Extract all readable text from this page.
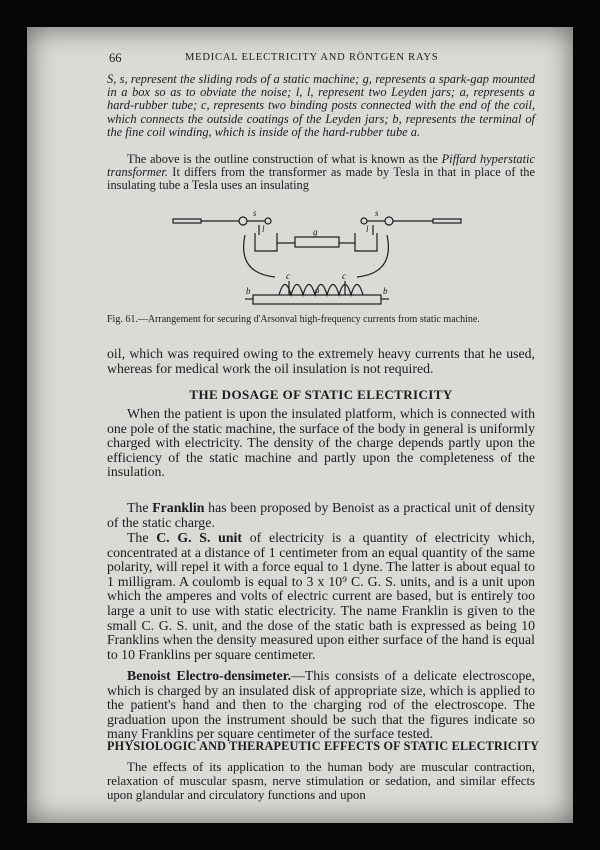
66	MEDICAL ELECTRICITY AND RÖNTGEN RAYS

S, s, represent the sliding rods of a static machine; g, represents a spark-gap mounted in a box so as to obviate the noise; l, l, represent two Leyden jars; a, represents a hard-rubber tube; c, represents two binding posts connected with the end of the coil, which connects the outside coatings of the Leyden jars; b, represents the terminal of the fine coil winding, which is inside of the hard-rubber tube a.

The above is the outline construction of what is known as the Piffard hyperstatic transformer. It differs from the transformer as made by Tesla in that in place of the insulating tube a Tesla uses an insulating

s	s
g
l	l
c	c
b	b
a

Fig. 61.—Arrangement for securing d'Arsonval high-frequency currents from static machine.

oil, which was required owing to the extremely heavy currents that he used, whereas for medical work the oil insulation is not required.

THE DOSAGE OF STATIC ELECTRICITY

When the patient is upon the insulated platform, which is connected with one pole of the static machine, the surface of the body in general is uniformly charged with electricity. The density of the charge depends partly upon the efficiency of the static machine and partly upon the completeness of the insulation.

The Franklin has been proposed by Benoist as a practical unit of density of the static charge.

The C. G. S. unit of electricity is a quantity of electricity which, concentrated at a distance of 1 centimeter from an equal quantity of the same polarity, will repel it with a force equal to 1 dyne. The latter is about equal to 1 milligram. A coulomb is equal to 3 x 10⁹ C. G. S. units, and is a unit upon which the amperes and volts of electric current are based, but is entirely too large a unit to use with static electricity. The name Franklin is given to the small C. G. S. unit, and the dose of the static bath is expressed as being 10 Franklins when the density measured upon either surface of the hand is equal to 10 Franklins per square centimeter.

Benoist Electro-densimeter.—This consists of a delicate electroscope, which is charged by an insulated disk of appropriate size, which is applied to the patient's hand and then to the charging rod of the electroscope. The graduation upon the instrument should be such that the figures indicate so many Franklins per square centimeter of the surface tested.

PHYSIOLOGIC AND THERAPEUTIC EFFECTS OF STATIC ELECTRICITY

The effects of its application to the human body are muscular contraction, relaxation of muscular spasm, nerve stimulation or sedation, and similar effects upon glandular and circulatory functions and upon
